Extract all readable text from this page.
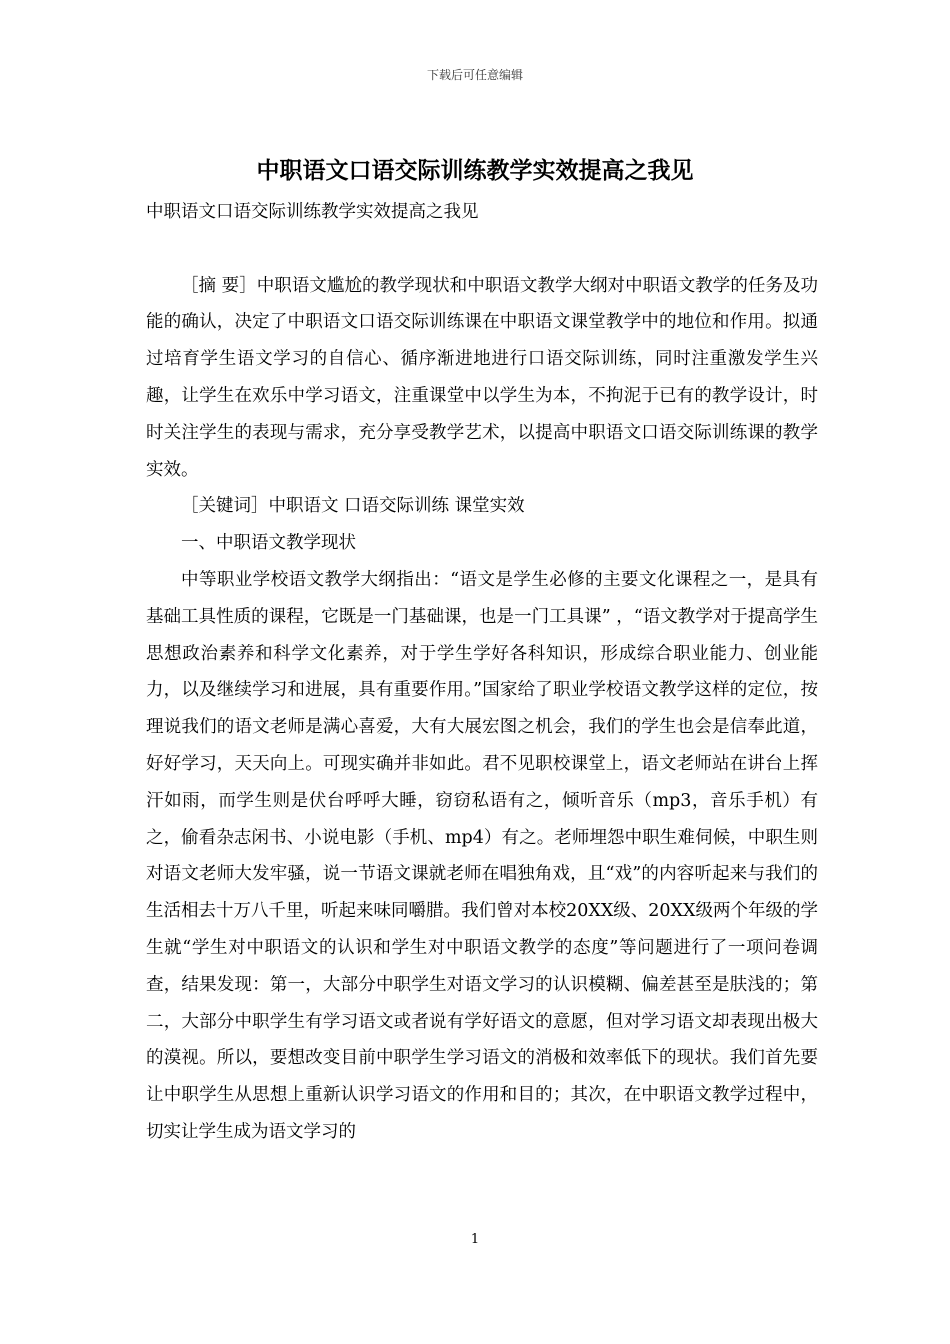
下载后可任意编辑
中职语文口语交际训练教学实效提高之我见

中职语文口语交际训练教学实效提高之我见

［摘 要］中职语文尴尬的教学现状和中职语文教学大纲对中职语文教学的任务及功能的确认，决定了中职语文口语交际训练课在中职语文课堂教学中的地位和作用。拟通过培育学生语文学习的自信心、循序渐进地进行口语交际训练，同时注重激发学生兴趣，让学生在欢乐中学习语文，注重课堂中以学生为本，不拘泥于已有的教学设计，时时关注学生的表现与需求，充分享受教学艺术，以提高中职语文口语交际训练课的教学实效。

［关键词］中职语文 口语交际训练 课堂实效

一、中职语文教学现状

中等职业学校语文教学大纲指出：“语文是学生必修的主要文化课程之一，是具有基础工具性质的课程，它既是一门基础课，也是一门工具课” ，“语文教学对于提高学生思想政治素养和科学文化素养，对于学生学好各科知识，形成综合职业能力、创业能力，以及继续学习和进展，具有重要作用。”国家给了职业学校语文教学这样的定位，按理说我们的语文老师是满心喜爱，大有大展宏图之机会，我们的学生也会是信奉此道，好好学习，天天向上。可现实确并非如此。君不见职校课堂上，语文老师站在讲台上挥汗如雨，而学生则是伏台呼呼大睡，窃窃私语有之，倾听音乐（mp3，音乐手机）有之，偷看杂志闲书、小说电影（手机、mp4）有之。老师埋怨中职生难伺候，中职生则对语文老师大发牢骚，说一节语文课就老师在唱独角戏，且“戏”的内容听起来与我们的生活相去十万八千里，听起来味同嚼腊。我们曾对本校20XX级、20XX级两个年级的学生就“学生对中职语文的认识和学生对中职语文教学的态度”等问题进行了一项问卷调查，结果发现：第一，大部分中职学生对语文学习的认识模糊、偏差甚至是肤浅的；第二，大部分中职学生有学习语文或者说有学好语文的意愿，但对学习语文却表现出极大的漠视。所以，要想改变目前中职学生学习语文的消极和效率低下的现状。我们首先要让中职学生从思想上重新认识学习语文的作用和目的；其次，在中职语文教学过程中，切实让学生成为语文学习的

1
